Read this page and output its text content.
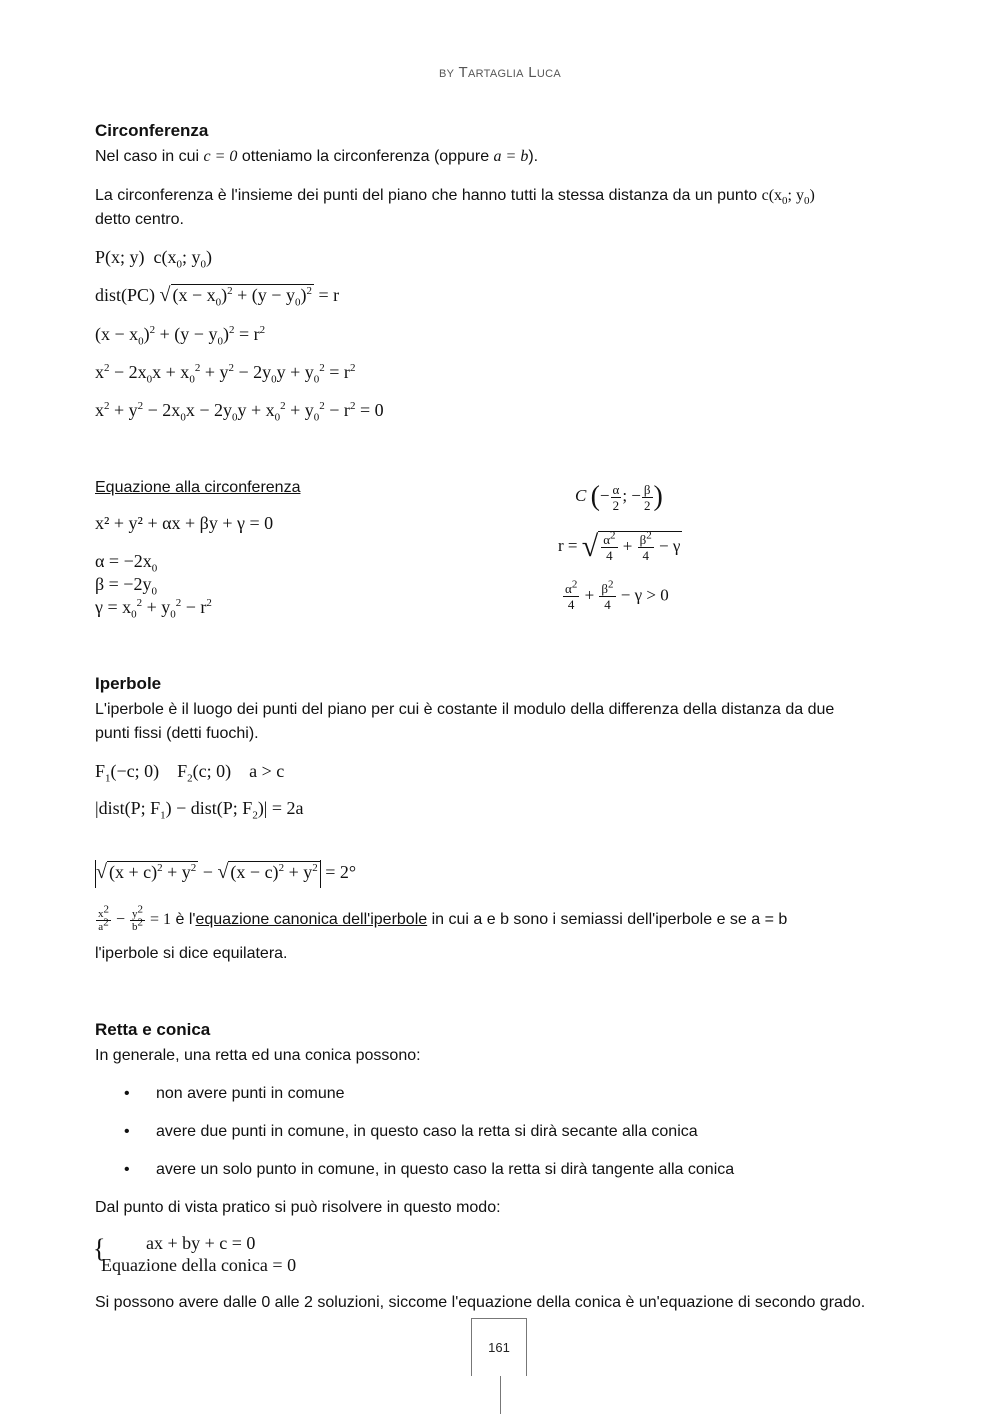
BY TARTAGLIA LUCA
Circonferenza
Nel caso in cui c = 0 otteniamo la circonferenza (oppure a = b).
La circonferenza è l'insieme dei punti del piano che hanno tutti la stessa distanza da un punto $c(x_0$; $y_0$)
detto centro.
P(x; y)  $c(x_0$; $y_0$)
dist(PC) √ $(x - x_0)^2 + (y - y_0)^2 = r$
$(x - x_0)^2 + (y - y_0)^2 = r^2$
$x^2 - 2x_0x + x_0^2 + y^2 - 2y_0y + y_0^2 = r^2$
$x^2 + y^2 - 2x_0x - 2y_0y + x_0^2 + y_0^2 - r^2 = 0$
Equazione alla circonferenza
x² + y² + αx + βy + γ = 0
$\alpha = -2x_0$
$\beta = -2y_0$
$\gamma = x_0^2 + y_0^2 - r^2$
C (− $\frac{\alpha}{2}$ ; − $\frac{\beta}{2}$ )
r = √ $\frac{\alpha^2}{4} + \frac{\beta^2}{4} - \gamma$
$\frac{\alpha^2}{4} + \frac{\beta^2}{4} - \gamma > 0$
Iperbole
L'iperbole è il luogo dei punti del piano per cui è costante il modulo della differenza della distanza da due
punti fissi (detti fuochi).
$F_1(-c$; 0)    $F_2(c$; 0)    a > c
|dist(P; $F_1$) − dist(P; $F_2)| = 2a$
√ $(x + c)^2 + y^2$ − √ $(x - c)^2 + y^2 = 2^\circ$
$\frac{x^2}{a^2} - \frac{y^2}{b^2} = 1$ è l'equazione canonica dell'iperbole in cui a e b sono i semiassi dell'iperbole e se a = b
l'iperbole si dice equilatera.
Retta e conica
In generale, una retta ed una conica possono:
• non avere punti in comune
• avere due punti in comune, in questo caso la retta si dirà secante alla conica
• avere un solo punto in comune, in questo caso la retta si dirà tangente alla conica
Dal punto di vista pratico si può risolvere in questo modo:
{ ax + by + c = 0
Equazione della conica = 0
Si possono avere dalle 0 alle 2 soluzioni, siccome l'equazione della conica è un'equazione di secondo grado.
161
